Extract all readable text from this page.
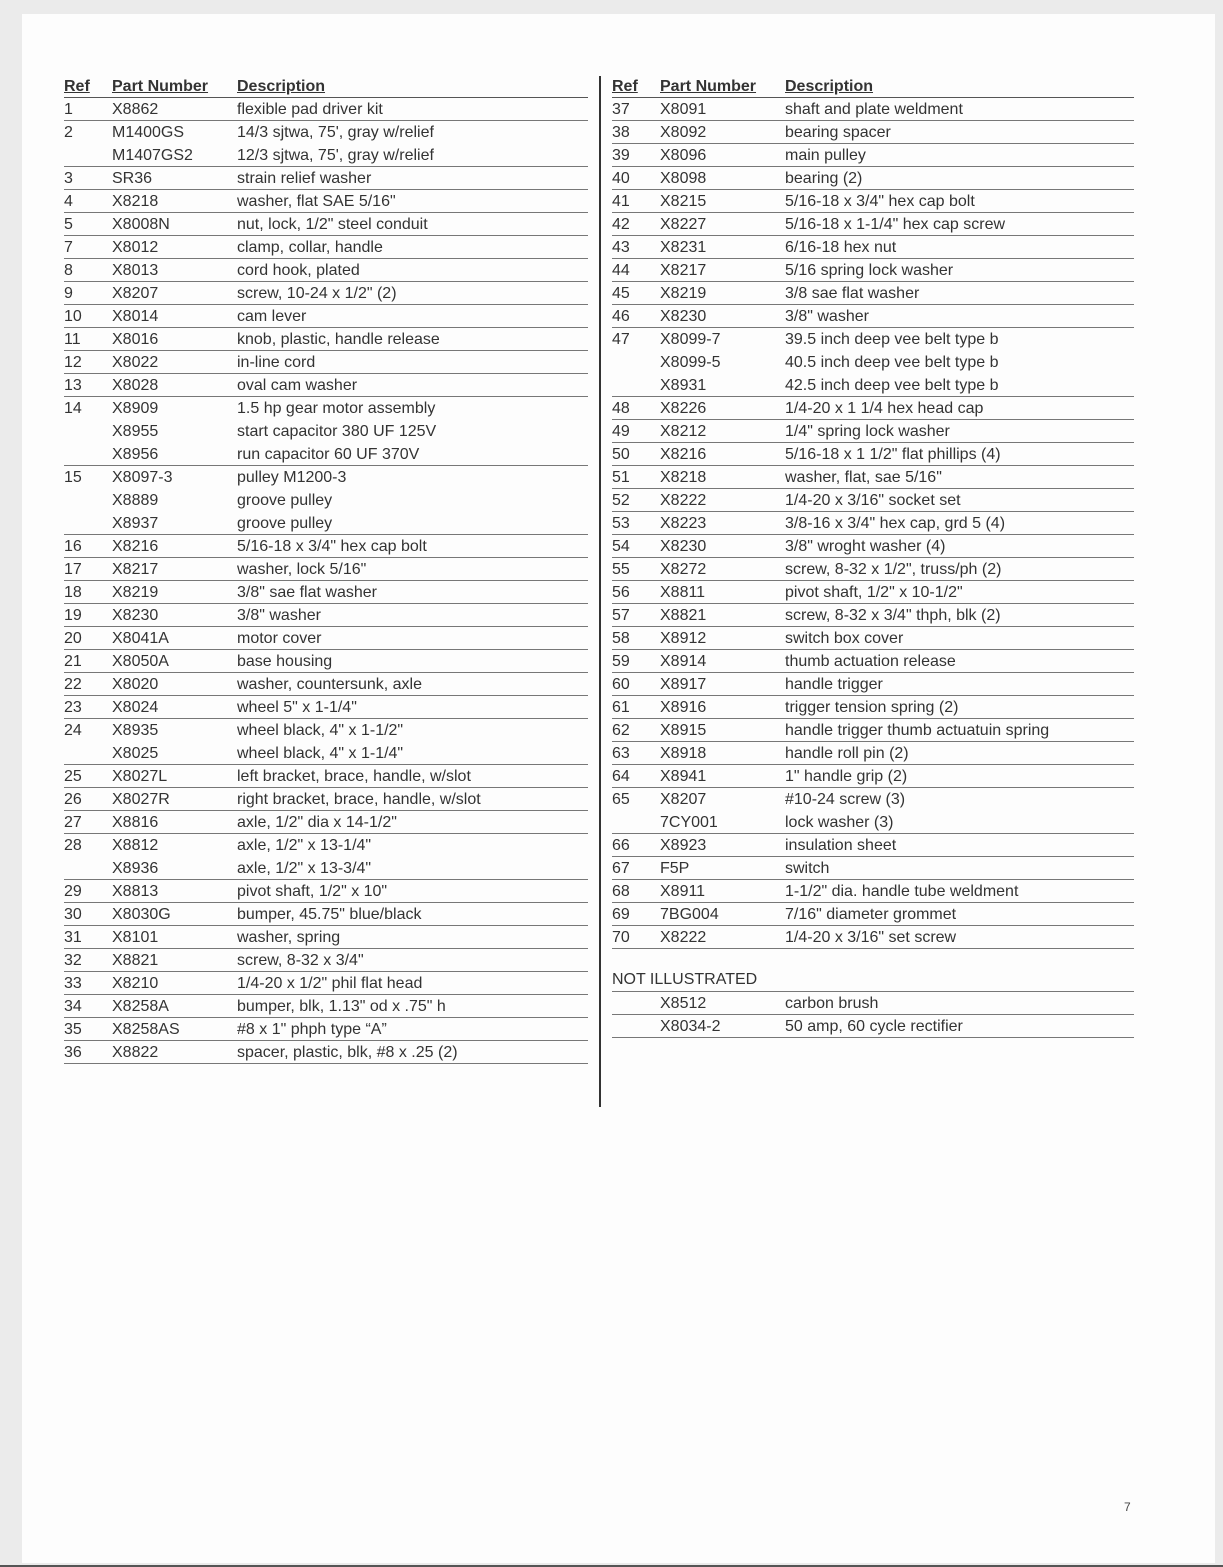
Ref	Part Number	Description
1	X8862	flexible pad driver kit
2	M1400GS	14/3 sjtwa, 75', gray w/relief
M1407GS2	12/3 sjtwa, 75', gray w/relief
3	SR36	strain relief washer
4	X8218	washer, flat SAE 5/16"
5	X8008N	nut, lock, 1/2" steel conduit
7	X8012	clamp, collar, handle
8	X8013	cord hook, plated
9	X8207	screw, 10-24 x 1/2" (2)
10	X8014	cam lever
11	X8016	knob, plastic, handle release
12	X8022	in-line cord
13	X8028	oval cam washer
14	X8909	1.5 hp gear motor assembly
X8955	start capacitor 380 UF 125V
X8956	run capacitor 60 UF 370V
15	X8097-3	pulley M1200-3
X8889	groove pulley
X8937	groove pulley
16	X8216	5/16-18 x 3/4" hex cap bolt
17	X8217	washer, lock 5/16"
18	X8219	3/8" sae flat washer
19	X8230	3/8" washer
20	X8041A	motor cover
21	X8050A	base housing
22	X8020	washer, countersunk, axle
23	X8024	wheel 5" x 1-1/4"
24	X8935	wheel black, 4" x 1-1/2"
X8025	wheel black, 4" x 1-1/4"
25	X8027L	left bracket, brace, handle, w/slot
26	X8027R	right bracket, brace, handle, w/slot
27	X8816	axle, 1/2" dia x 14-1/2"
28	X8812	axle, 1/2" x 13-1/4"
X8936	axle, 1/2" x 13-3/4"
29	X8813	pivot shaft, 1/2" x 10"
30	X8030G	bumper, 45.75" blue/black
31	X8101	washer, spring
32	X8821	screw, 8-32 x 3/4"
33	X8210	1/4-20 x 1/2" phil flat head
34	X8258A	bumper, blk, 1.13" od x .75" h
35	X8258AS	#8 x 1" phph type “A”
36	X8822	spacer, plastic, blk, #8 x .25 (2)
Ref	Part Number	Description
37	X8091	shaft and plate weldment
38	X8092	bearing spacer
39	X8096	main pulley
40	X8098	bearing (2)
41	X8215	5/16-18 x 3/4" hex cap bolt
42	X8227	5/16-18 x 1-1/4" hex cap screw
43	X8231	6/16-18 hex nut
44	X8217	5/16 spring lock washer
45	X8219	3/8 sae flat washer
46	X8230	3/8" washer
47	X8099-7	39.5 inch deep vee belt type b
X8099-5	40.5 inch deep vee belt type b
X8931	42.5 inch deep vee belt type b
48	X8226	1/4-20 x 1 1/4 hex head cap
49	X8212	1/4" spring lock washer
50	X8216	5/16-18 x 1 1/2" flat phillips (4)
51	X8218	washer, flat, sae 5/16"
52	X8222	1/4-20 x 3/16" socket set
53	X8223	3/8-16 x 3/4" hex cap, grd 5 (4)
54	X8230	3/8" wroght washer (4)
55	X8272	screw, 8-32 x 1/2", truss/ph (2)
56	X8811	pivot shaft, 1/2" x 10-1/2"
57	X8821	screw, 8-32 x 3/4" thph, blk (2)
58	X8912	switch box cover
59	X8914	thumb actuation release
60	X8917	handle trigger
61	X8916	trigger tension spring (2)
62	X8915	handle trigger thumb actuatuin spring
63	X8918	handle roll pin (2)
64	X8941	1" handle grip (2)
65	X8207	#10-24 screw (3)
7CY001	lock washer (3)
66	X8923	insulation sheet
67	F5P	switch
68	X8911	1-1/2" dia. handle tube weldment
69	7BG004	7/16" diameter grommet
70	X8222	1/4-20 x 3/16" set screw
NOT ILLUSTRATED
X8512	carbon brush
X8034-2	50 amp, 60 cycle rectifier
7
